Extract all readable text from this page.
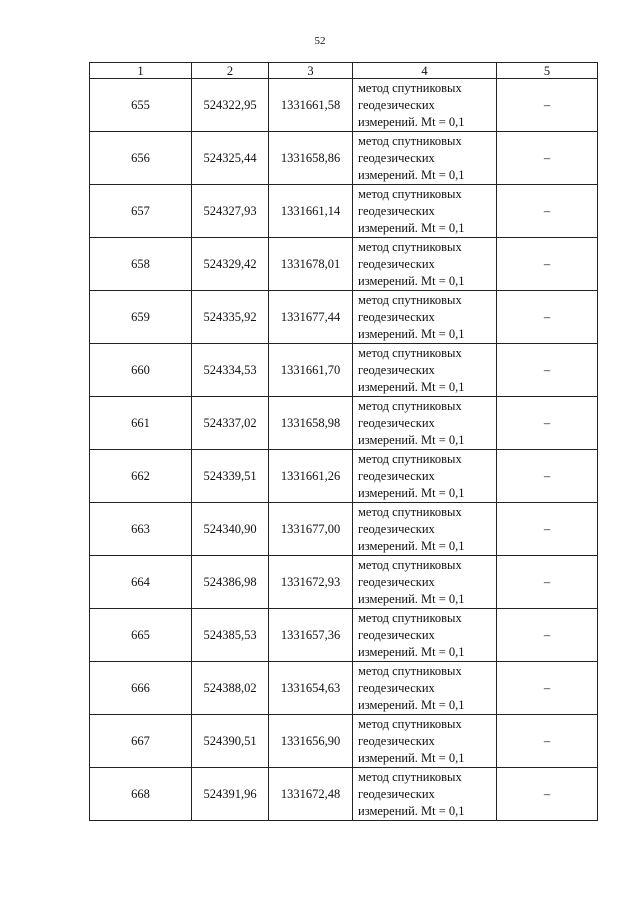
52
1	2	3	4	5
655	524322,95	1331661,58	метод спутниковых
геодезических
измерений. Mt = 0,1	–
656	524325,44	1331658,86	метод спутниковых
геодезических
измерений. Mt = 0,1	–
657	524327,93	1331661,14	метод спутниковых
геодезических
измерений. Mt = 0,1	–
658	524329,42	1331678,01	метод спутниковых
геодезических
измерений. Mt = 0,1	–
659	524335,92	1331677,44	метод спутниковых
геодезических
измерений. Mt = 0,1	–
660	524334,53	1331661,70	метод спутниковых
геодезических
измерений. Mt = 0,1	–
661	524337,02	1331658,98	метод спутниковых
геодезических
измерений. Mt = 0,1	–
662	524339,51	1331661,26	метод спутниковых
геодезических
измерений. Mt = 0,1	–
663	524340,90	1331677,00	метод спутниковых
геодезических
измерений. Mt = 0,1	–
664	524386,98	1331672,93	метод спутниковых
геодезических
измерений. Mt = 0,1	–
665	524385,53	1331657,36	метод спутниковых
геодезических
измерений. Mt = 0,1	–
666	524388,02	1331654,63	метод спутниковых
геодезических
измерений. Mt = 0,1	–
667	524390,51	1331656,90	метод спутниковых
геодезических
измерений. Mt = 0,1	–
668	524391,96	1331672,48	метод спутниковых
геодезических
измерений. Mt = 0,1	–
